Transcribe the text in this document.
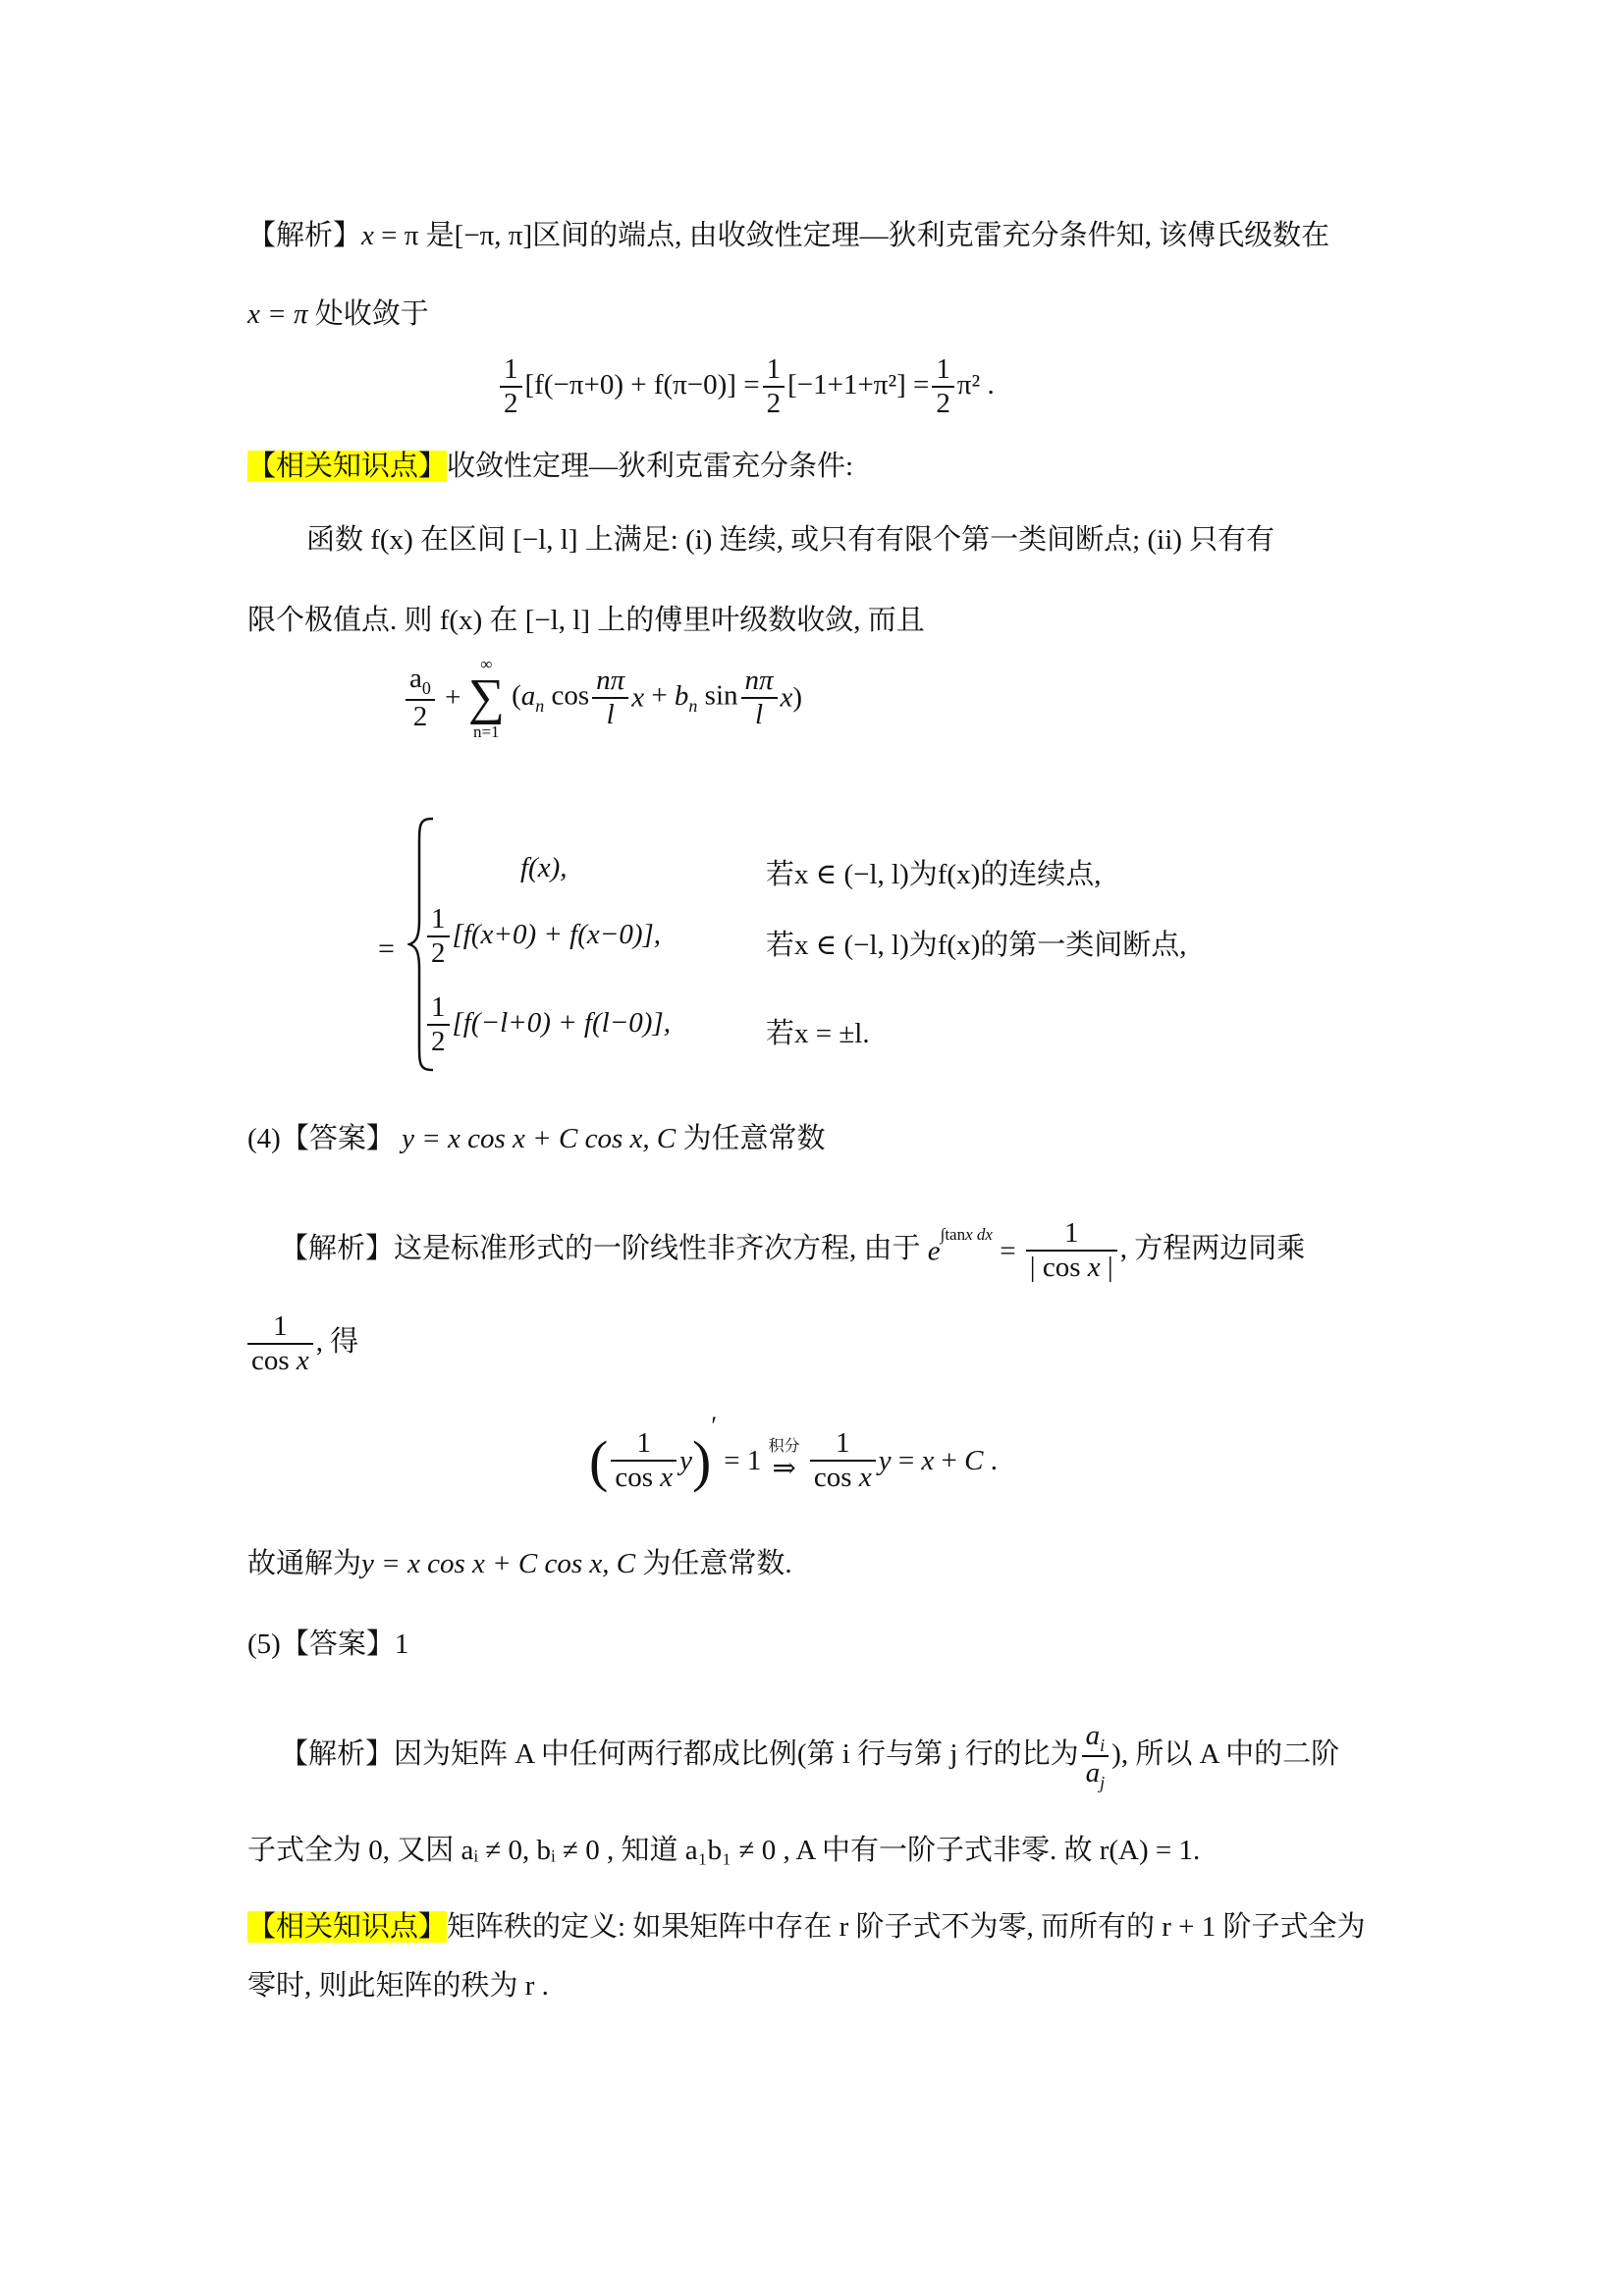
【解析】x = π 是[−π, π]区间的端点, 由收敛性定理—狄利克雷充分条件知, 该傅氏级数在
x = π 处收敛于
$\frac{1}{2} [f(-\pi+0) + f(\pi-0)] = \frac{1}{2} [-1+1+\pi^2] = \frac{1}{2} \pi^2$ .
【相关知识点】收敛性定理—狄利克雷充分条件:
函数 f(x) 在区间 [−l, l] 上满足: (i) 连续, 或只有有限个第一类间断点; (ii) 只有有
限个极值点. 则 f(x) 在 [−l, l] 上的傅里叶级数收敛, 而且
$\frac{a_0}{2}$ +
∞
∑
n=1
($a_n$ $\cos \frac{n\pi}{l}$ $x + b_n$ $\sin \frac{n\pi}{l} x$)
=
f(x),	若x ∈ (−l, l)为f(x)的连续点,
$\frac{1}{2} [f(x+0) + f(x-0)]$,	若x ∈ (−l, l)为f(x)的第一类间断点,
$\frac{1}{2} [f(-l+0) + f(l-0)]$,	若x = ±l.
(4)【答案】 y = x cos x + C cos x, C 为任意常数
【解析】这是标准形式的一阶线性非齐次方程, 由于 $e^{\int tanx dx} = \frac{1}{\text{| cos x |}}$ , 方程两边同乘
$\frac{1}{\text{cos x}}$ , 得
( $\frac{1}{\text{cos x}} y)' = 1$ 积分
⇒
$\frac{1}{\text{cos x}}$ y = x + C .
故通解为y = x cos x + C cos x, C 为任意常数.
(5)【答案】1
【解析】因为矩阵 A 中任何两行都成比例(第 i 行与第 j 行的比为 $\frac{a_i}{a_j}$ ), 所以 A 中的二阶
子式全为 0, 又因 aᵢ ≠ 0, bᵢ ≠ 0 , 知道 a₁b₁ ≠ 0 , A 中有一阶子式非零. 故 r(A) = 1.
【相关知识点】矩阵秩的定义: 如果矩阵中存在 r 阶子式不为零, 而所有的 r + 1 阶子式全为
零时, 则此矩阵的秩为 r .
